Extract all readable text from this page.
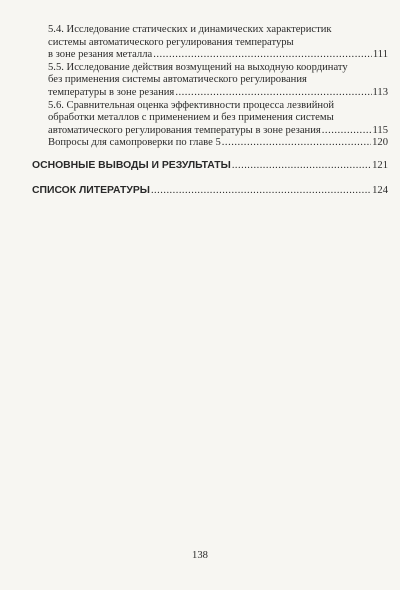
5.4. Исследование статических и динамических характеристик
системы автоматического регулирования температуры
в зоне резания металла .....	111
5.5. Исследование действия возмущений на выходную координату
без применения системы автоматического регулирования
температуры в зоне резания .....	113
5.6. Сравнительная оценка эффективности процесса лезвийной
обработки металлов с применением и без применения системы
автоматического регулирования температуры в зоне резания .....	115
Вопросы для самопроверки по главе 5 .....	120
ОСНОВНЫЕ ВЫВОДЫ И РЕЗУЛЬТАТЫ .....	121
СПИСОК ЛИТЕРАТУРЫ .....	124
138
